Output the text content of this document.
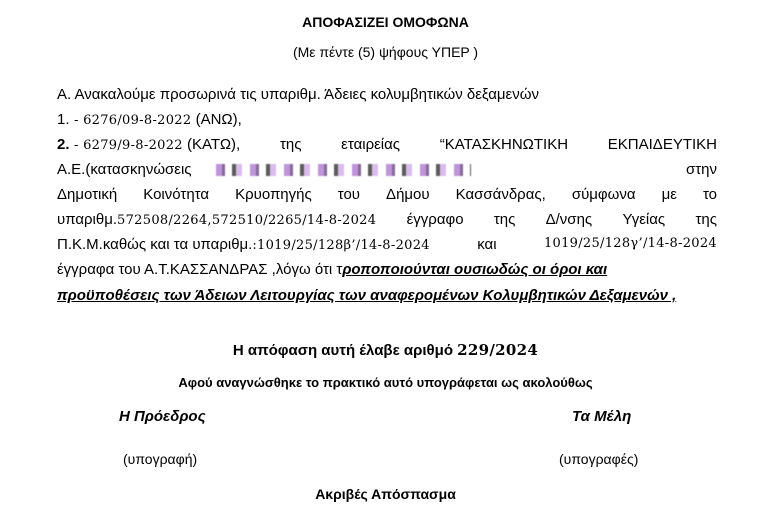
ΑΠΟΦΑΣΙΖΕΙ ΟΜΟΦΩΝΑ
(Με πέντε (5) ψήφους ΥΠΕΡ )
Α. Ανακαλούμε προσωρινά τις υπαριθμ. Άδειες κολυμβητικών δεξαμενών
1. - 6276/09-8-2022 (ΑΝΩ),
2. - 6279/9-8-2022 (ΚΑΤΩ),	της	εταιρείας	“ΚΑΤΑΣΚΗΝΩΤΙΚΗ	ΕΚΠΑΙΔΕΥΤΙΚΗ
Α.Ε.(κατασκηνώσεις	στην
Δημοτική Κοινότητα Κρυοπηγής του Δήμου Κασσάνδρας, σύμφωνα με το
υπαριθμ.572508/2264,572510/2265/14-8-2024 έγγραφο της Δ/νσης Υγείας της
Π.Κ.Μ.καθώς και τα υπαριθμ.:1019/25/128β’/14-8-2024	και	1019/25/128γ’/14-8-2024
έγγραφα του Α.Τ.ΚΑΣΣΑΝΔΡΑΣ ,λόγω ότι τροποποιούνται ουσιωδώς οι όροι και
προϋποθέσεις των Άδειων Λειτουργίας των αναφερομένων Κολυμβητικών Δεξαμενών ,
Η απόφαση αυτή έλαβε αριθμό 229/2024
Αφού αναγνώσθηκε το πρακτικό αυτό υπογράφεται ως ακολούθως
Η Πρόεδρος	Τα Μέλη
(υπογραφή)	(υπογραφές)
Ακριβές Απόσπασμα
